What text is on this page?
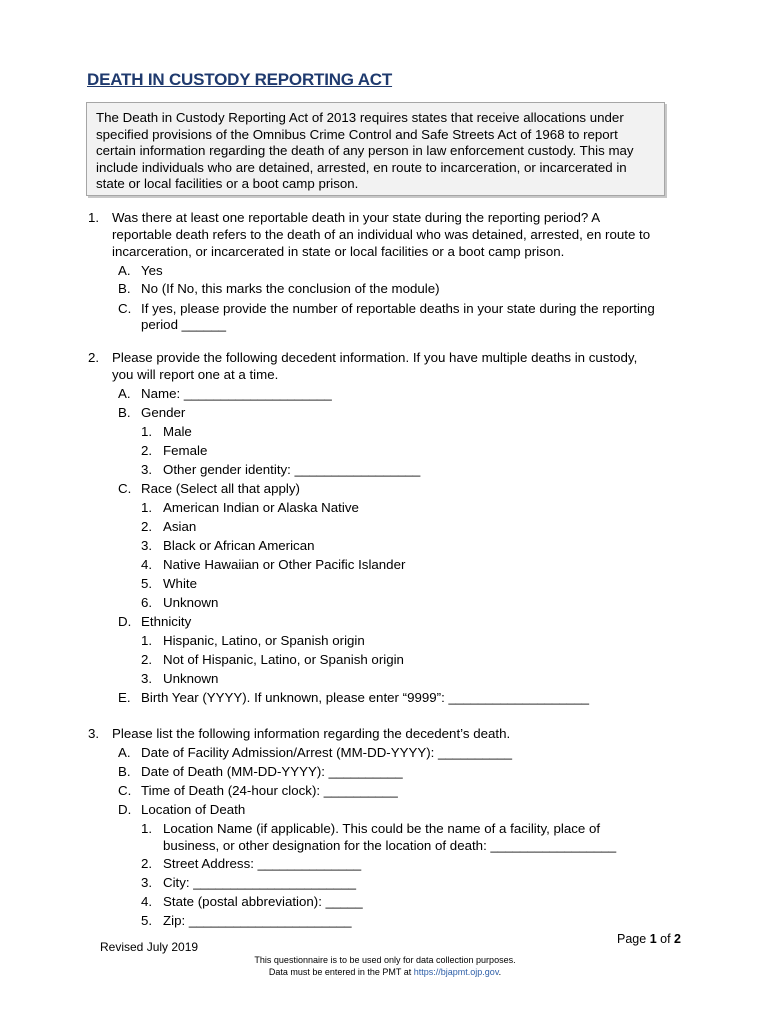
DEATH IN CUSTODY REPORTING ACT
The Death in Custody Reporting Act of 2013 requires states that receive allocations under specified provisions of the Omnibus Crime Control and Safe Streets Act of 1968 to report certain information regarding the death of any person in law enforcement custody. This may include individuals who are detained, arrested, en route to incarceration, or incarcerated in state or local facilities or a boot camp prison.
1. Was there at least one reportable death in your state during the reporting period? A
reportable death refers to the death of an individual who was detained, arrested, en route to
incarceration, or incarcerated in state or local facilities or a boot camp prison.
A. Yes
B. No (If No, this marks the conclusion of the module)
C. If yes, please provide the number of reportable deaths in your state during the reporting
period ______
2. Please provide the following decedent information. If you have multiple deaths in custody,
you will report one at a time.
A. Name: ____________________
B. Gender
1. Male
2. Female
3. Other gender identity: _________________
C. Race (Select all that apply)
1. American Indian or Alaska Native
2. Asian
3. Black or African American
4. Native Hawaiian or Other Pacific Islander
5. White
6. Unknown
D. Ethnicity
1. Hispanic, Latino, or Spanish origin
2. Not of Hispanic, Latino, or Spanish origin
3. Unknown
E. Birth Year (YYYY). If unknown, please enter “9999”: ___________________
3. Please list the following information regarding the decedent’s death.
A. Date of Facility Admission/Arrest (MM-DD-YYYY): __________
B. Date of Death (MM-DD-YYYY): __________
C. Time of Death (24-hour clock): __________
D. Location of Death
1. Location Name (if applicable). This could be the name of a facility, place of
business, or other designation for the location of death: _________________
2. Street Address: ______________
3. City: ______________________
4. State (postal abbreviation): _____
5. Zip: ______________________
Revised July 2019
Page 1 of 2
This questionnaire is to be used only for data collection purposes.
Data must be entered in the PMT at https://bjapmt.ojp.gov.
